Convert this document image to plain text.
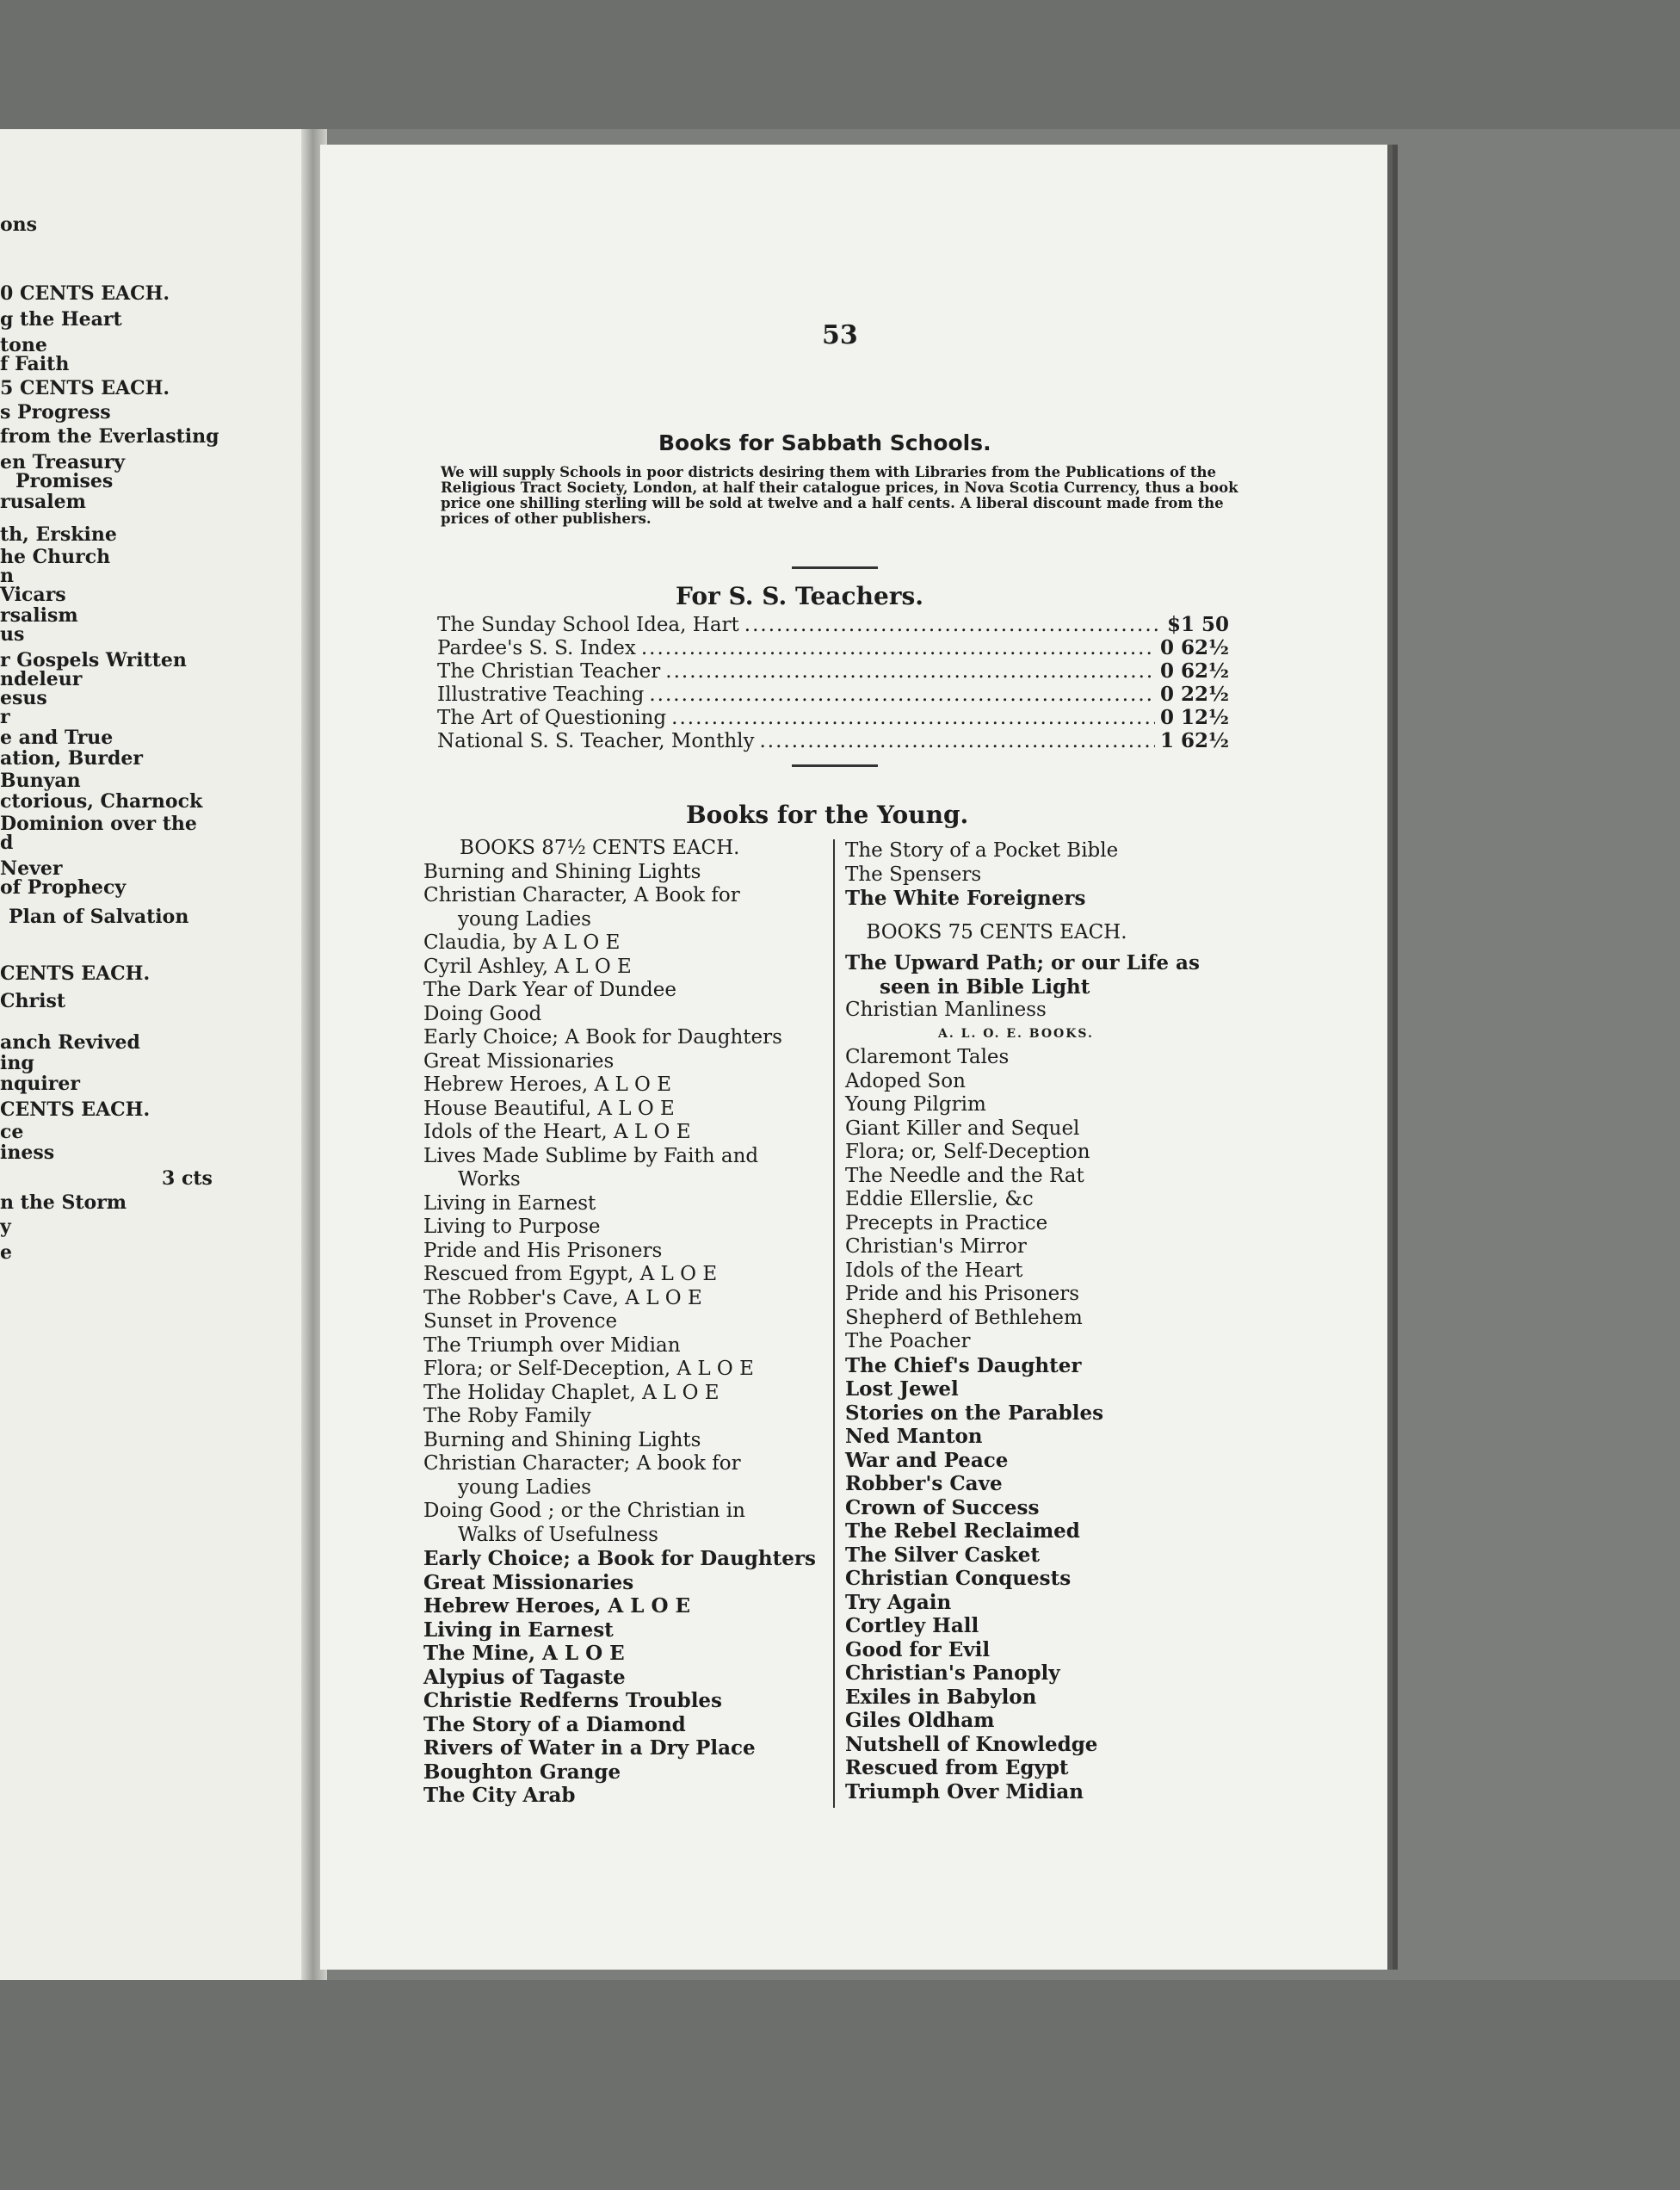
ons
0 CENTS EACH.
g the Heart
tone
f Faith
5 CENTS EACH.
s Progress
from the Everlasting
en Treasury
Promises
rusalem
th, Erskine
he Church
n
Vicars
rsalism
us
r Gospels Written
ndeleur
esus
r
e and True
ation, Burder
Bunyan
ctorious, Charnock
Dominion over the
d
Never
of Prophecy
Plan of Salvation
CENTS EACH.
Christ
anch Revived
ing
nquirer
CENTS EACH.
ce
iness
3 cts
n the Storm
y
e
53
Books for Sabbath Schools.
We will supply Schools in poor districts desiring them with Libraries from the Publications of the Religious Tract Society, London, at half their catalogue prices, in Nova Scotia Currency, thus a book price one shilling sterling will be sold at twelve and a half cents. A liberal discount made from the prices of other publishers.
For S. S. Teachers.
The Sunday School Idea, Hart .....	$1 50
Pardee's S. S. Index .....	0 62½
The Christian Teacher .....	0 62½
Illustrative Teaching .....	0 22½
The Art of Questioning .....	0 12½
National S. S. Teacher, Monthly .....	1 62½
Books for the Young.
BOOKS 87½ CENTS EACH.
Burning and Shining Lights
Christian Character, A Book for
young Ladies
Claudia, by A L O E
Cyril Ashley, A L O E
The Dark Year of Dundee
Doing Good
Early Choice; A Book for Daughters
Great Missionaries
Hebrew Heroes, A L O E
House Beautiful, A L O E
Idols of the Heart, A L O E
Lives Made Sublime by Faith and
Works
Living in Earnest
Living to Purpose
Pride and His Prisoners
Rescued from Egypt, A L O E
The Robber's Cave, A L O E
Sunset in Provence
The Triumph over Midian
Flora; or Self-Deception, A L O E
The Holiday Chaplet, A L O E
The Roby Family
Burning and Shining Lights
Christian Character; A book for
young Ladies
Doing Good ; or the Christian in
Walks of Usefulness
Early Choice; a Book for Daughters
Great Missionaries
Hebrew Heroes, A L O E
Living in Earnest
The Mine, A L O E
Alypius of Tagaste
Christie Redferns Troubles
The Story of a Diamond
Rivers of Water in a Dry Place
Boughton Grange
The City Arab
The Story of a Pocket Bible
The Spensers
The White Foreigners
BOOKS 75 CENTS EACH.
The Upward Path; or our Life as
seen in Bible Light
Christian Manliness
A. L. O. E. BOOKS.
Claremont Tales
Adoped Son
Young Pilgrim
Giant Killer and Sequel
Flora; or, Self-Deception
The Needle and the Rat
Eddie Ellerslie, &c
Precepts in Practice
Christian's Mirror
Idols of the Heart
Pride and his Prisoners
Shepherd of Bethlehem
The Poacher
The Chief's Daughter
Lost Jewel
Stories on the Parables
Ned Manton
War and Peace
Robber's Cave
Crown of Success
The Rebel Reclaimed
The Silver Casket
Christian Conquests
Try Again
Cortley Hall
Good for Evil
Christian's Panoply
Exiles in Babylon
Giles Oldham
Nutshell of Knowledge
Rescued from Egypt
Triumph Over Midian
